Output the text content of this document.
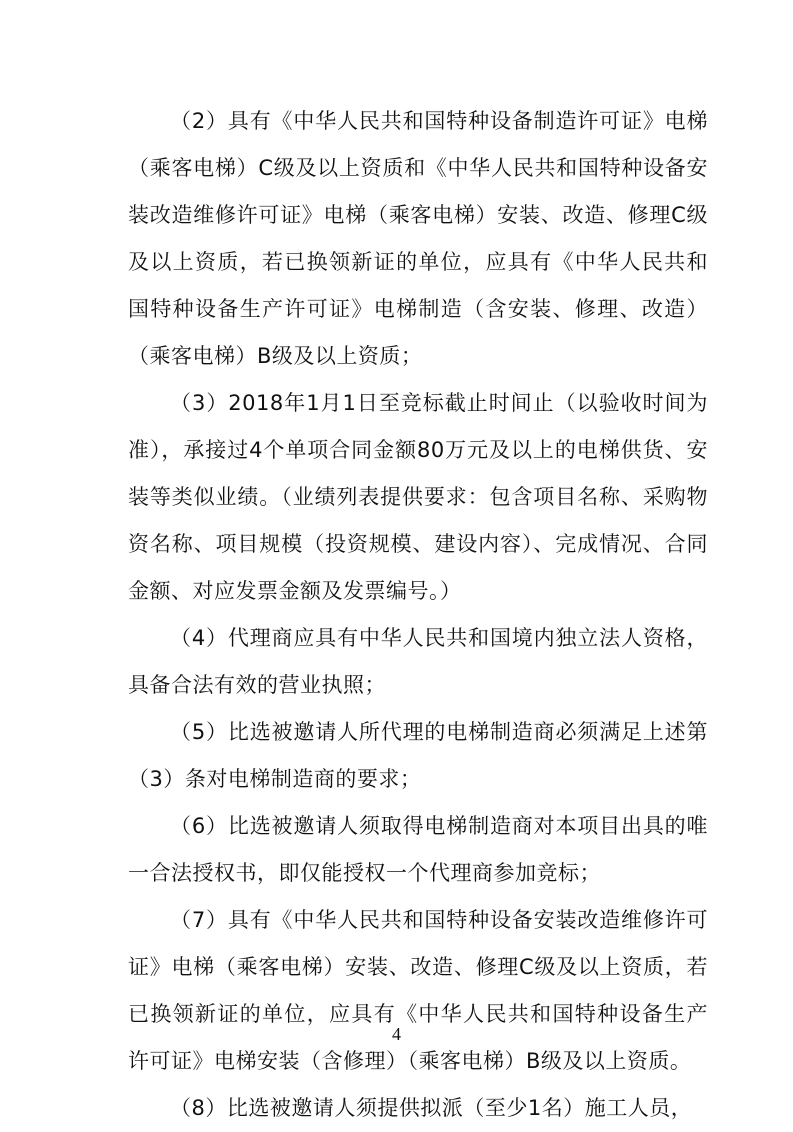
（2）具有《中华人民共和国特种设备制造许可证》电梯（乘客电梯）C级及以上资质和《中华人民共和国特种设备安装改造维修许可证》电梯（乘客电梯）安装、改造、修理C级及以上资质，若已换领新证的单位，应具有《中华人民共和国特种设备生产许可证》电梯制造（含安装、修理、改造）（乘客电梯）B级及以上资质；

（3）2018年1月1日至竞标截止时间止（以验收时间为准），承接过4个单项合同金额80万元及以上的电梯供货、安装等类似业绩。（业绩列表提供要求：包含项目名称、采购物资名称、项目规模（投资规模、建设内容）、完成情况、合同金额、对应发票金额及发票编号。）

（4）代理商应具有中华人民共和国境内独立法人资格，具备合法有效的营业执照；

（5）比选被邀请人所代理的电梯制造商必须满足上述第（3）条对电梯制造商的要求；

（6）比选被邀请人须取得电梯制造商对本项目出具的唯一合法授权书，即仅能授权一个代理商参加竞标；

（7）具有《中华人民共和国特种设备安装改造维修许可证》电梯（乘客电梯）安装、改造、修理C级及以上资质，若已换领新证的单位，应具有《中华人民共和国特种设备生产许可证》电梯安装（含修理）（乘客电梯）B级及以上资质。

（8）比选被邀请人须提供拟派（至少1名）施工人员，

4
